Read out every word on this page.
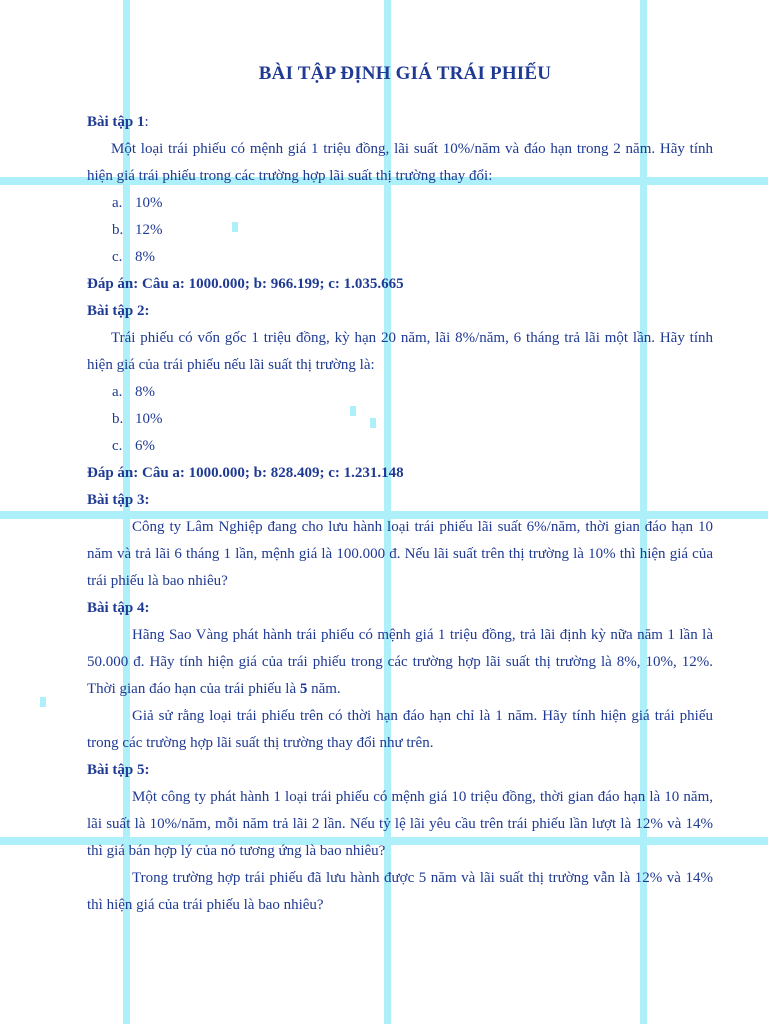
BÀI TẬP ĐỊNH GIÁ TRÁI PHIẾU

Bài tập 1:

Một loại trái phiếu có mệnh giá 1 triệu đồng, lãi suất 10%/năm và đáo hạn trong 2 năm. Hãy tính hiện giá trái phiếu trong các trường hợp lãi suất thị trường thay đổi:

a. 10%
b. 12%
c. 8%

Đáp án: Câu a: 1000.000; b: 966.199; c: 1.035.665

Bài tập 2:

Trái phiếu có vốn gốc 1 triệu đồng, kỳ hạn 20 năm, lãi 8%/năm, 6 tháng trả lãi một lần. Hãy tính hiện giá của trái phiếu nếu lãi suất thị trường là:

a. 8%
b. 10%
c. 6%

Đáp án: Câu a: 1000.000; b: 828.409; c: 1.231.148

Bài tập 3:

Công ty Lâm Nghiệp đang cho lưu hành loại trái phiếu lãi suất 6%/năm, thời gian đáo hạn 10 năm và trả lãi 6 tháng 1 lần, mệnh giá là 100.000 đ. Nếu lãi suất trên thị trường là 10% thì hiện giá của trái phiếu là bao nhiêu?

Bài tập 4:

Hãng Sao Vàng phát hành trái phiếu có mệnh giá 1 triệu đồng, trả lãi định kỳ nữa năm 1 lần là 50.000 đ. Hãy tính hiện giá của trái phiếu trong các trường hợp lãi suất thị trường là 8%, 10%, 12%. Thời gian đáo hạn của trái phiếu là 5 năm.

Giả sử rằng loại trái phiếu trên có thời hạn đáo hạn chỉ là 1 năm. Hãy tính hiện giá trái phiếu trong các trường hợp lãi suất thị trường thay đổi như trên.

Bài tập 5:

Một công ty phát hành 1 loại trái phiếu có mệnh giá 10 triệu đồng, thời gian đáo hạn là 10 năm, lãi suất là 10%/năm, mỗi năm trả lãi 2 lần. Nếu tỷ lệ lãi yêu cầu trên trái phiếu lần lượt là 12% và 14% thì giá bán hợp lý của nó tương ứng là bao nhiêu?

Trong trường hợp trái phiếu đã lưu hành được 5 năm và lãi suất thị trường vẫn là 12% và 14% thì hiện giá của trái phiếu là bao nhiêu?
